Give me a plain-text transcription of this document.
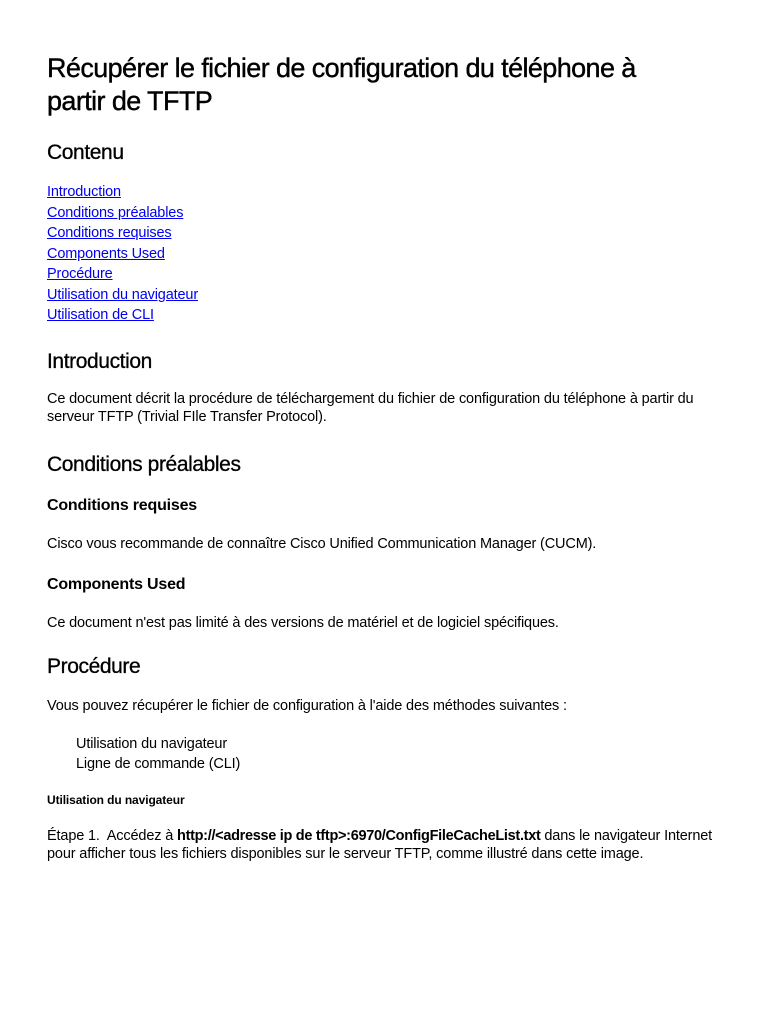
Récupérer le fichier de configuration du téléphone à partir de TFTP
Contenu
Introduction
Conditions préalables
Conditions requises
Components Used
Procédure
Utilisation du navigateur
Utilisation de CLI
Introduction

Ce document décrit la procédure de téléchargement du fichier de configuration du téléphone à partir du serveur TFTP (Trivial FIle Transfer Protocol).

Conditions préalables
Conditions requises

Cisco vous recommande de connaître Cisco Unified Communication Manager (CUCM).

Components Used

Ce document n'est pas limité à des versions de matériel et de logiciel spécifiques.

Procédure

Vous pouvez récupérer le fichier de configuration à l'aide des méthodes suivantes :

Utilisation du navigateur
Ligne de commande (CLI)
Utilisation du navigateur

Étape 1.  Accédez à http://<adresse ip de tftp>:6970/ConfigFileCacheList.txt dans le navigateur Internet pour afficher tous les fichiers disponibles sur le serveur TFTP, comme illustré dans cette image.
